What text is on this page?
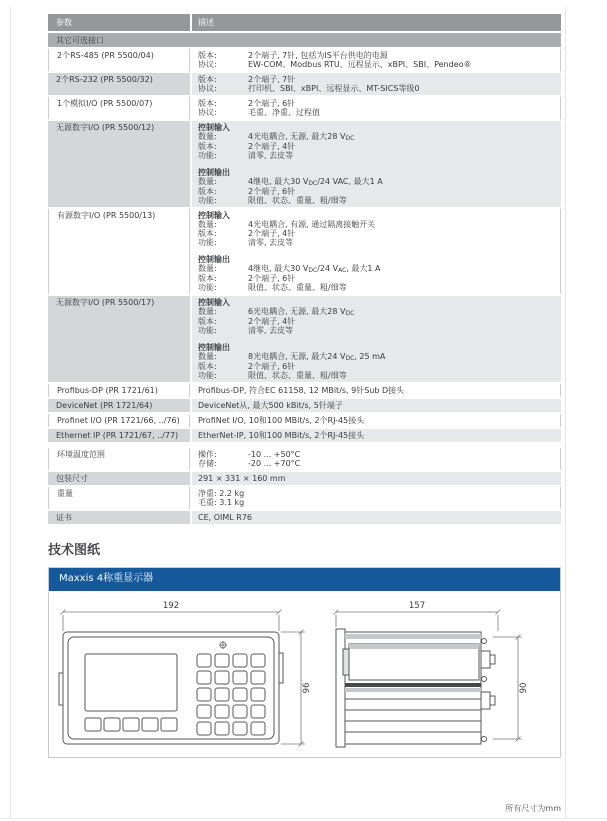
参数	描述
其它可选接口
2个RS-485 (PR 5500/04)	版本:	2个端子, 7针, 包括为IS平台供电的电源
协议:	EW-COM、Modbus RTU、远程显示、xBPI、SBI、Pendeo®
2个RS-232 (PR 5500/32)	版本:	2个端子, 7针
协议:	打印机、SBI、xBPI、远程显示、MT-SICS等级0
1个模拟I/O (PR 5500/07)	版本:	2个端子, 6针
协议:	毛重、净重、过程值
无源数字I/O (PR 5500/12)	控制输入
数量:	4光电耦合, 无源, 最大28 $V_{DC}$
版本:	2个端子, 4针
功能:	清零, 去皮等
控制输出
数量:	4继电, 最大30 $V_{DC}/24$ VAC, 最大1 A
版本:	2个端子, 6针
功能:	限值、状态、重量、粗/细等
有源数字I/O (PR 5500/13)	控制输入
数量:	4光电耦合, 有源, 通过隔离接触开关
版本:	2个端子, 4针
功能:	清零, 去皮等
控制输出
数量:	4继电, 最大30 $V_{DC}/24$ $V_{AC}$, 最大1 A
版本:	2个端子, 6针
功能:	限值、状态、重量、粗/细等
无源数字I/O (PR 5500/17)	控制输入
数量:	6光电耦合, 无源, 最大28 $V_{DC}$
版本:	2个端子, 4针
功能:	清零, 去皮等
控制输出
数量:	8光电耦合, 无源, 最大24 $V_{DC}$, 25 mA
版本:	2个端子, 6针
功能:	限值、状态、重量、粗/细等
Profibus-DP (PR 1721/61)	Profibus-DP, 符合EC 61158, 12 MBit/s, 9针Sub D接头
DeviceNet (PR 1721/64)	DeviceNet从, 最大500 kBit/s, 5针端子
Profinet I/O (PR 1721/66, ../76)	ProfiNet I/O, 10和100 MBit/s, 2个RJ-45接头
Ethernet IP (PR 1721/67, ../77)	EtherNet-IP, 10和100 MBit/s, 2个RJ-45接头
环境温度范围	操作:	-10 ... +50°C
存储:	-20 ... +70°C
包装尺寸	291 × 331 × 160 mm
重量	净重: 2.2 kg
毛重: 3.1 kg
证书	CE, OIML R76
技术图纸
Maxxis 4称重显示器
192	157
96	90
所有尺寸为mm
